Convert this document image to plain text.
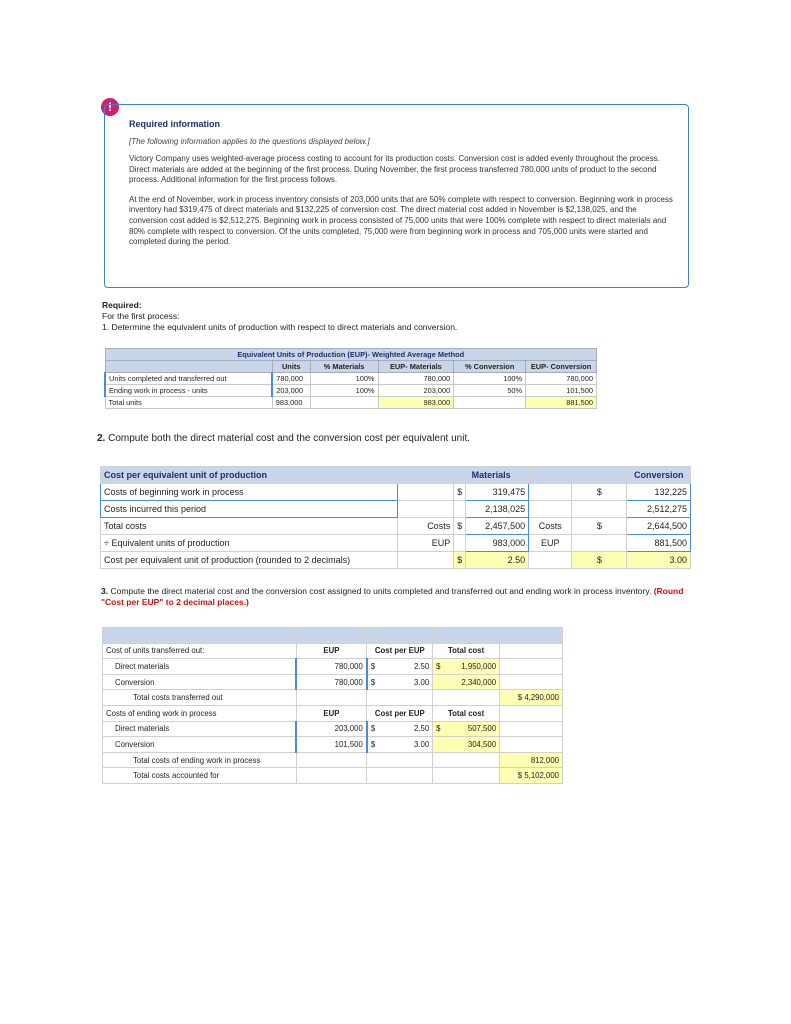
!
Required information
[The following information applies to the questions displayed below.]
Victory Company uses weighted-average process costing to account for its production costs. Conversion cost is added evenly throughout the process. Direct materials are added at the beginning of the first process. During November, the first process transferred 780,000 units of product to the second process. Additional information for the first process follows.
At the end of November, work in process inventory consists of 203,000 units that are 50% complete with respect to conversion. Beginning work in process inventory had $319,475 of direct materials and $132,225 of conversion cost. The direct material cost added in November is $2,138,025, and the conversion cost added is $2,512,275. Beginning work in process consisted of 75,000 units that were 100% complete with respect to direct materials and 80% complete with respect to conversion. Of the units completed, 75,000 were from beginning work in process and 705,000 units were started and completed during the period.
Required:
For the first process:
1. Determine the equivalent units of production with respect to direct materials and conversion.
Equivalent Units of Production (EUP)- Weighted Average Method					
	Units	% Materials	EUP- Materials	% Conversion	EUP- Conversion
Units completed and transferred out	780,000	100%	780,000	100%	780,000
Ending work in process - units	203,000	100%	203,000	50%	101,500
Total units	983,000		983,000		881,500
2. Compute both the direct material cost and the conversion cost per equivalent unit.
Cost per equivalent unit of production		Materials				Conversion
Costs of beginning work in process		$	319,475		$	132,225
Costs incurred this period			2,138,025			2,512,275
Total costs	Costs	$	2,457,500	Costs	$	2,644,500
÷ Equivalent units of production	EUP		983,000	EUP		881,500
Cost per equivalent unit of production (rounded to 2 decimals)		$	2.50		$	3.00
3. Compute the direct material cost and the conversion cost assigned to units completed and transferred out and ending work in process inventory. (Round "Cost per EUP" to 2 decimal places.)

Cost of units transferred out:	EUP	Cost per EUP	Total cost	
Direct materials	780,000	$ 2.50	$ 1,950,000	
Conversion	780,000	$ 3.00	2,340,000	
Total costs transferred out				$ 4,290,000
Costs of ending work in process	EUP	Cost per EUP	Total cost	
Direct materials	203,000	$ 2.50	$ 507,500	
Conversion	101,500	$ 3.00	304,500	
Total costs of ending work in process				812,000
Total costs accounted for				$ 5,102,000
